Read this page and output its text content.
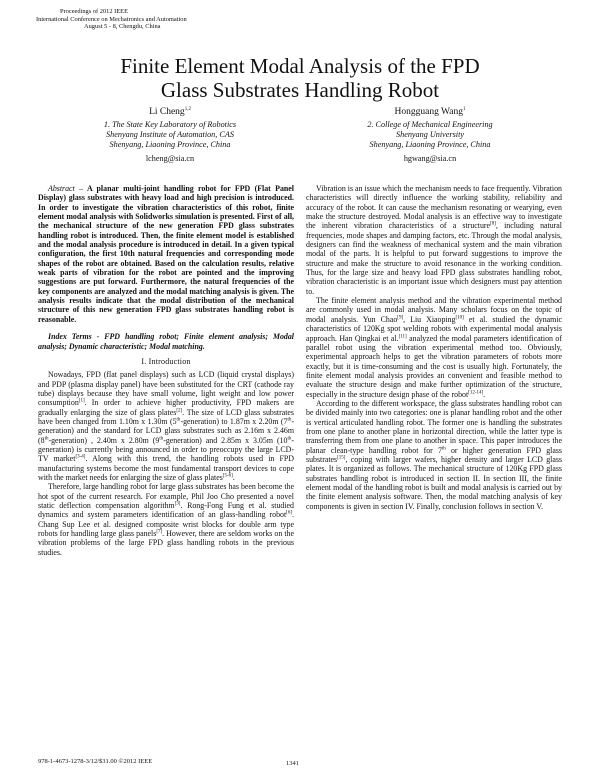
Proceedings of 2012 IEEE
International Conference on Mechatronics and Automation
August 5 - 8, Chengdu, China
Finite Element Modal Analysis of the FPD
Glass Substrates Handling Robot
Li Cheng$^{1,2}$
1. The State Key Laboratory of Robotics
Shenyang Institute of Automation, CAS
Shenyang, Liaoning Province, China
lcheng@sia.cn
Hongguang Wang$^1$
2. College of Mechanical Engineering
Shenyang University
Shenyang, Liaoning Province, China
hgwang@sia.cn

Abstract – A planar multi-joint handling robot for FPD (Flat Panel Display) glass substrates with heavy load and high precision is introduced. In order to investigate the vibration characteristics of this robot, finite element modal analysis with Solidworks simulation is presented. First of all, the mechanical structure of the new generation FPD glass substrates handling robot is introduced. Then, the finite element model is established and the modal analysis procedure is introduced in detail. In a given typical configuration, the first 10th natural frequencies and corresponding mode shapes of the robot are obtained. Based on the calculation results, relative weak parts of vibration for the robot are pointed and the improving suggestions are put forward. Furthermore, the natural frequencies of the key components are analyzed and the modal matching analysis is given. The analysis results indicate that the modal distribution of the mechanical structure of this new generation FPD glass substrates handling robot is reasonable.

Index Terms - FPD handling robot; Finite element analysis; Modal analysis; Dynamic characteristic; Modal matching.

I. Introduction

Nowadays, FPD (flat panel displays) such as LCD (liquid crystal displays) and PDP (plasma display panel) have been substituted for the CRT (cathode ray tube) displays because they have small volume, light weight and low power consumption[1]. In order to achieve higher productivity, FPD makers are gradually enlarging the size of glass plates[2]. The size of LCD glass substrates have been changed from 1.10m x 1.30m (5th-generation) to 1.87m x 2.20m (7th-generation) and the standard for LCD glass substrates such as 2.16m x 2.46m (8th-generation) , 2.40m x 2.80m (9th-generation) and 2.85m x 3.05m (10th-generation) is currently being announced in order to preoccupy the large LCD-TV market[3-4]. Along with this trend, the handling robots used in FPD manufacturing systems become the most fundamental transport devices to cope with the market needs for enlarging the size of glass plates[5-6].

Therefore, large handling robot for large glass substrates has been become the hot spot of the current research. For example, Phil Joo Cho presented a novel static deflection compensation algorithm[3]. Rong-Fong Fung et al. studied dynamics and system parameters identification of an glass-handling robot[6]. Chang Sup Lee et al. designed composite wrist blocks for double arm type robots for handling large glass panels[7]. However, there are seldom works on the vibration problems of the large FPD glass handling robots in the previous studies.

Vibration is an issue which the mechanism needs to face frequently. Vibration characteristics will directly influence the working stability, reliability and accuracy of the robot. It can cause the mechanism resonating or wearying, even make the structure destroyed. Modal analysis is an effective way to investigate the inherent vibration characteristics of a structure[8], including natural frequencies, mode shapes and damping factors, etc. Through the modal analysis, designers can find the weakness of mechanical system and the main vibration modal of the parts. It is helpful to put forward suggestions to improve the structure and make the structure to avoid resonance in the working condition. Thus, for the large size and heavy load FPD glass substrates handling robot, vibration characteristic is an important issue which designers must pay attention to.

The finite element analysis method and the vibration experimental method are commonly used in modal analysis. Many scholars focus on the topic of modal analysis. Yun Chao[9], Liu Xiaoping[10] et al. studied the dynamic characteristics of 120Kg spot welding robots with experimental modal analysis approach. Han Qingkai et al.[11] analyzed the modal parameters identification of parallel robot using the vibration experimental method too. Obviously, experimental approach helps to get the vibration parameters of robots more exactly, but it is time-consuming and the cost is usually high. Fortunately, the finite element modal analysis provides an convenient and feasible method to evaluate the structure design and make further optimization of the structure, especially in the structure design phase of the robot[12-14].

According to the different workspace, the glass substrates handling robot can be divided mainly into two categories: one is planar handling robot and the other is vertical articulated handling robot. The former one is handling the substrates from one plane to another plane in horizontal direction, while the latter type is transferring them from one plane to another in space. This paper introduces the planar clean-type handling robot for 7th or higher generation FPD glass substrates[15], coping with larger wafers, higher density and larger LCD glass plates. It is organized as follows. The mechanical structure of 120Kg FPD glass substrates handling robot is introduced in section II. In section III, the finite element modal of the handling robot is built and modal analysis is carried out by the finite element analysis software. Then, the modal matching analysis of key components is given in section IV. Finally, conclusion follows in section V.

978-1-4673-1278-3/12/$31.00 ©2012 IEEE	1341
